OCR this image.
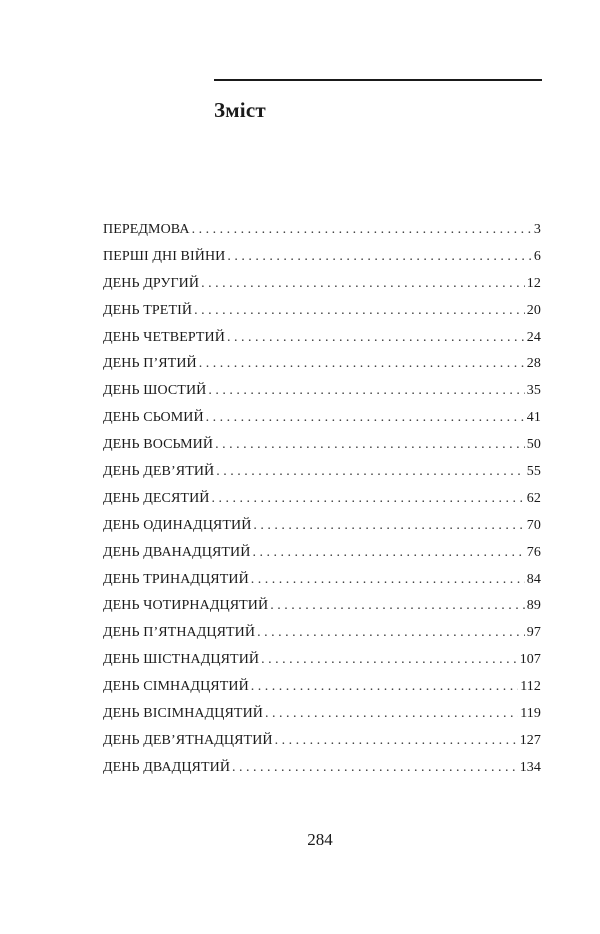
Зміст
ПЕРЕДМОВА . . .	3
ПЕРШІ ДНІ ВІЙНИ . . .	6
ДЕНЬ ДРУГИЙ . . .	12
ДЕНЬ ТРЕТІЙ . . .	20
ДЕНЬ ЧЕТВЕРТИЙ . . .	24
ДЕНЬ П’ЯТИЙ . . .	28
ДЕНЬ ШОСТИЙ . . .	35
ДЕНЬ СЬОМИЙ . . .	41
ДЕНЬ ВОСЬМИЙ . . .	50
ДЕНЬ ДЕВ’ЯТИЙ . . .	55
ДЕНЬ ДЕСЯТИЙ . . .	62
ДЕНЬ ОДИНАДЦЯТИЙ . . .	70
ДЕНЬ ДВАНАДЦЯТИЙ . . .	76
ДЕНЬ ТРИНАДЦЯТИЙ . . .	84
ДЕНЬ ЧОТИРНАДЦЯТИЙ . . .	89
ДЕНЬ П’ЯТНАДЦЯТИЙ . . .	97
ДЕНЬ ШІСТНАДЦЯТИЙ . . .	107
ДЕНЬ СІМНАДЦЯТИЙ . . .	112
ДЕНЬ ВІСІМНАДЦЯТИЙ . . .	119
ДЕНЬ ДЕВ’ЯТНАДЦЯТИЙ . . .	127
ДЕНЬ ДВАДЦЯТИЙ . . .	134
284
